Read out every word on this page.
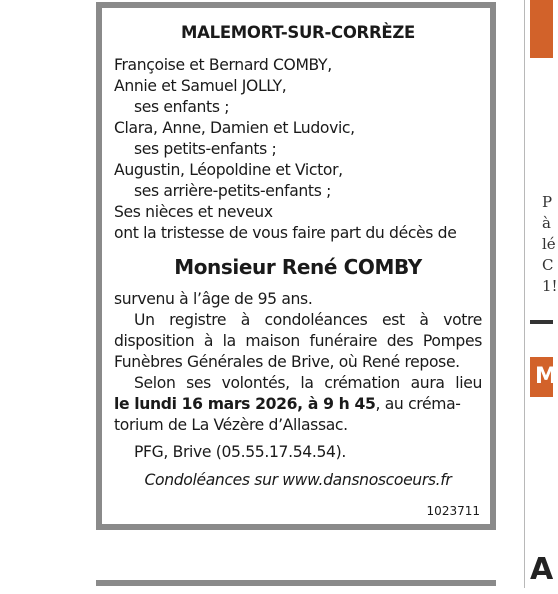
MALEMORT-SUR-CORRÈZE
Françoise et Bernard COMBY,
Annie et Samuel JOLLY,
ses enfants ;
Clara, Anne, Damien et Ludovic,
ses petits-enfants ;
Augustin, Léopoldine et Victor,
ses arrière-petits-enfants ;
Ses nièces et neveux
ont la tristesse de vous faire part du décès de
Monsieur René COMBY
survenu à l’âge de 95 ans.
Un registre à condoléances est à votre
disposition à la maison funéraire des Pompes
Funèbres Générales de Brive, où René repose.
Selon ses volontés, la crémation aura lieu
le lundi 16 mars 2026, à 9 h 45, au créma-
torium de La Vézère d’Allassac.
PFG, Brive (05.55.17.54.54).
Condoléances sur www.dansnoscoeurs.fr
1023711
P
à
lé
C
1!
M
A
